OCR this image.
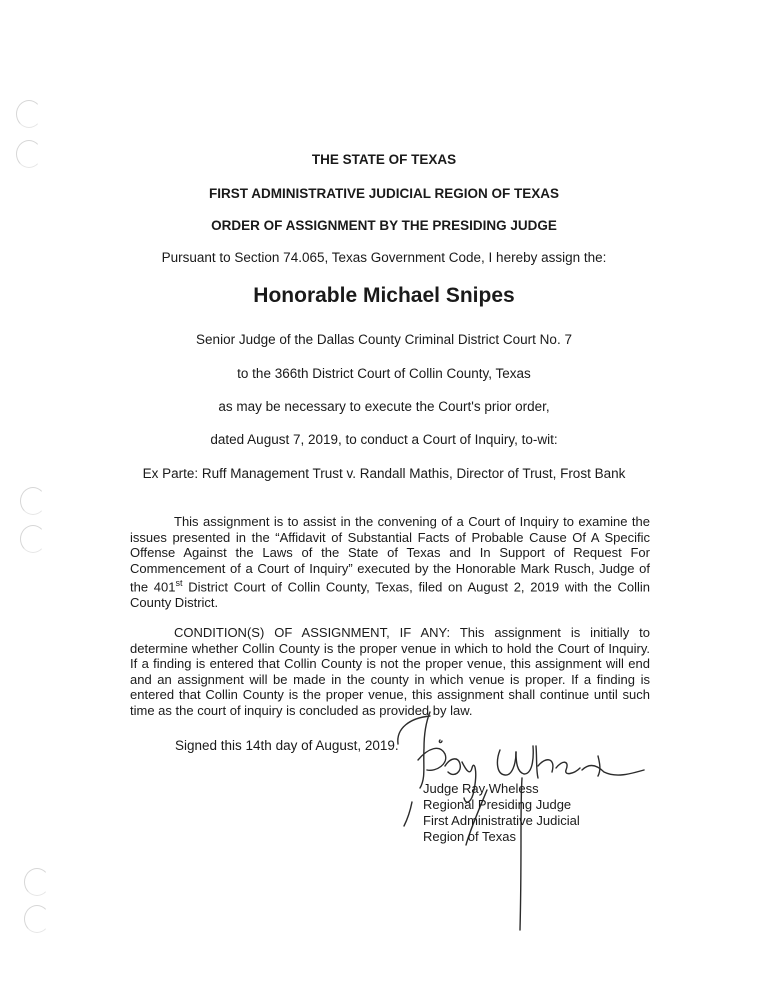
THE STATE OF TEXAS
FIRST ADMINISTRATIVE JUDICIAL REGION OF TEXAS
ORDER OF ASSIGNMENT BY THE PRESIDING JUDGE
Pursuant to Section 74.065, Texas Government Code, I hereby assign the:
Honorable Michael Snipes
Senior Judge of the Dallas County Criminal District Court No. 7
to the 366th District Court of Collin County, Texas
as may be necessary to execute the Court's prior order,
dated August 7, 2019, to conduct a Court of Inquiry, to-wit:
Ex Parte: Ruff Management Trust v. Randall Mathis, Director of Trust, Frost Bank

This assignment is to assist in the convening of a Court of Inquiry to examine the issues presented in the “Affidavit of Substantial Facts of Probable Cause Of A Specific Offense Against the Laws of the State of Texas and In Support of Request For Commencement of a Court of Inquiry” executed by the Honorable Mark Rusch, Judge of the 401st District Court of Collin County, Texas, filed on August 2, 2019 with the Collin County District.

CONDITION(S) OF ASSIGNMENT, IF ANY: This assignment is initially to determine whether Collin County is the proper venue in which to hold the Court of Inquiry. If a finding is entered that Collin County is not the proper venue, this assignment will end and an assignment will be made in the county in which venue is proper. If a finding is entered that Collin County is the proper venue, this assignment shall continue until such time as the court of inquiry is concluded as provided by law.

Signed this 14th day of August, 2019.
Judge Ray Wheless
Regional Presiding Judge
First Administrative Judicial
Region of Texas
